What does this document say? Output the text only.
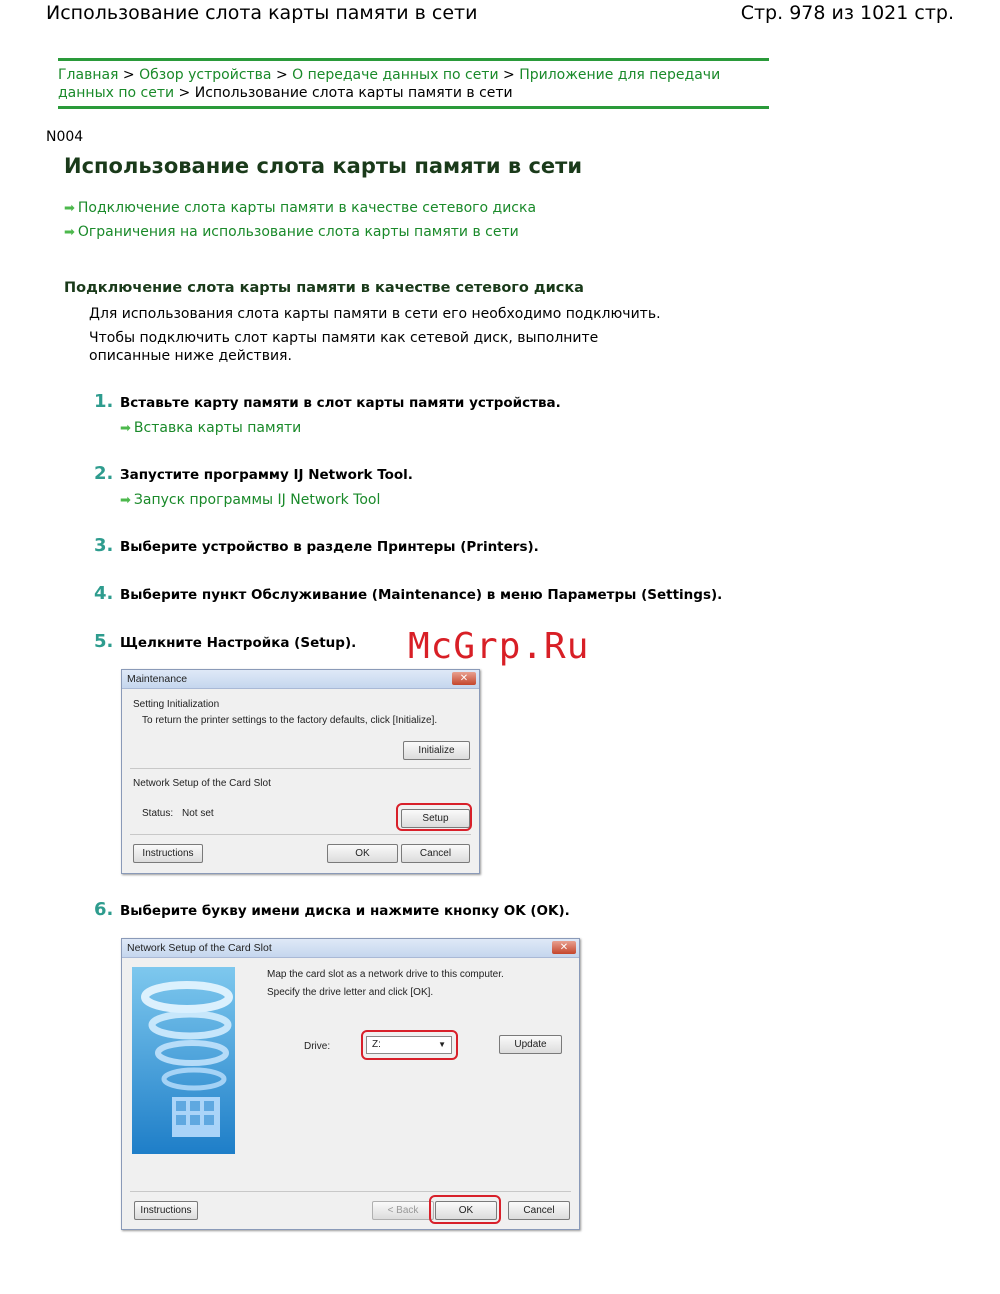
Использование слота карты памяти в сети	Стр. 978 из 1021 стр.
Главная > Обзор устройства > О передаче данных по сети > Приложение для передачи данных по сети > Использование слота карты памяти в сети
N004
Использование слота карты памяти в сети
➡ Подключение слота карты памяти в качестве сетевого диска
➡ Ограничения на использование слота карты памяти в сети
Подключение слота карты памяти в качестве сетевого диска
Для использования слота карты памяти в сети его необходимо подключить.
Чтобы подключить слот карты памяти как сетевой диск, выполните описанные ниже действия.
1. Вставьте карту памяти в слот карты памяти устройства.
➡ Вставка карты памяти
2. Запустите программу IJ Network Tool.
➡ Запуск программы IJ Network Tool
3. Выберите устройство в разделе Принтеры (Printers).
4. Выберите пункт Обслуживание (Maintenance) в меню Параметры (Settings).
5. Щелкните Настройка (Setup). McGrp.Ru
Maintenance	✕
Setting Initialization
To return the printer settings to the factory defaults, click [Initialize].
Initialize
Network Setup of the Card Slot
Status: Not set	Setup
Instructions	OK	Cancel
6. Выберите букву имени диска и нажмите кнопку OK (OK).
Network Setup of the Card Slot	✕
Map the card slot as a network drive to this computer.
Specify the drive letter and click [OK].
Drive:	Z:	▼	Update
Instructions	< Back	OK	Cancel
